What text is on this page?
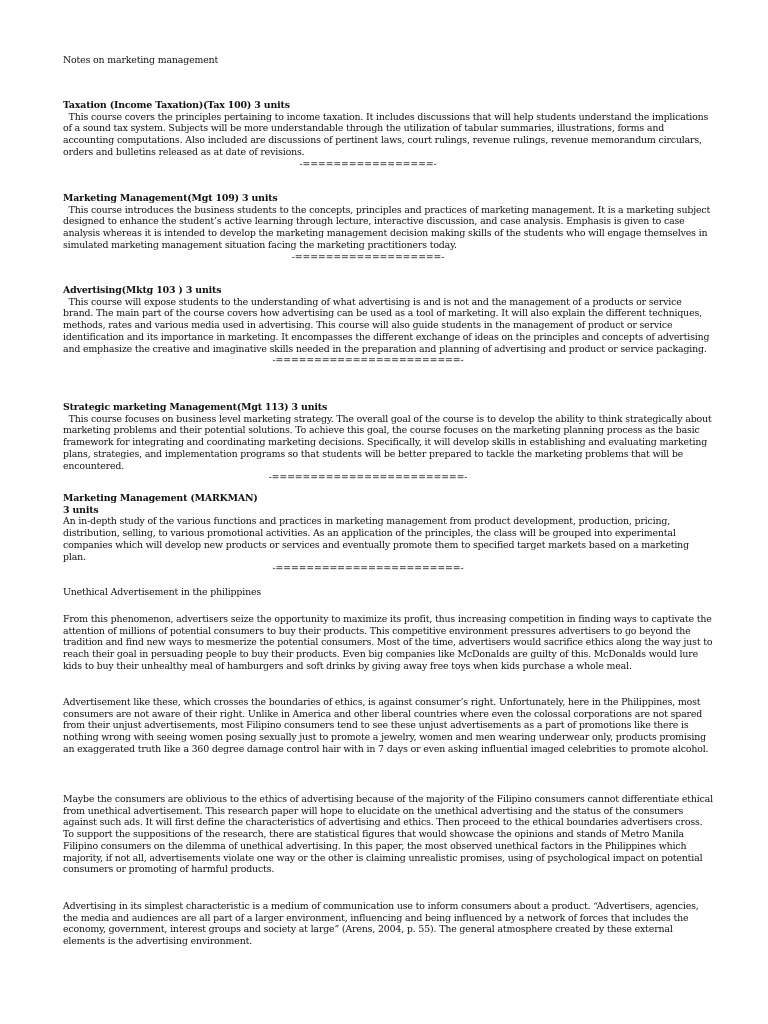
Notes on marketing management
Taxation (Income Taxation)(Tax 100) 3 units

This course covers the principles pertaining to income taxation. It includes discussions that will help students understand the implications of a sound tax system. Subjects will be more understandable through the utilization of tabular summaries, illustrations, forms and accounting computations. Also included are discussions of pertinent laws, court rulings, revenue rulings, revenue memorandum circulars, orders and bulletins released as at date of revisions.

-=================-

Marketing Management(Mgt 109) 3 units

This course introduces the business students to the concepts, principles and practices of marketing management. It is a marketing subject designed to enhance the student’s active learning through lecture, interactive discussion, and case analysis. Emphasis is given to case analysis whereas it is intended to develop the marketing management decision making skills of the students who will engage themselves in simulated marketing management situation facing the marketing practitioners today.

-===================-

Advertising(Mktg 103 ) 3 units

This course will expose students to the understanding of what advertising is and is not and the management of a products or service brand. The main part of the course covers how advertising can be used as a tool of marketing. It will also explain the different techniques, methods, rates and various media used in advertising. This course will also guide students in the management of product or service identification and its importance in marketing. It encompasses the different exchange of ideas on the principles and concepts of advertising and emphasize the creative and imaginative skills needed in the preparation and planning of advertising and product or service packaging.

-========================-

Strategic marketing Management(Mgt 113) 3 units

This course focuses on business level marketing strategy. The overall goal of the course is to develop the ability to think strategically about marketing problems and their potential solutions. To achieve this goal, the course focuses on the marketing planning process as the basic framework for integrating and coordinating marketing decisions. Specifically, it will develop skills in establishing and evaluating marketing plans, strategies, and implementation programs so that students will be better prepared to tackle the marketing problems that will be encountered.

-=========================-

Marketing Management (MARKMAN)
3 units

An in-depth study of the various functions and practices in marketing management from product development, production, pricing, distribution, selling, to various promotional activities. As an application of the principles, the class will be grouped into experimental companies which will develop new products or services and eventually promote them to specified target markets based on a marketing plan.

-========================-

Unethical Advertisement in the philippines

From this phenomenon, advertisers seize the opportunity to maximize its profit, thus increasing competition in finding ways to captivate the attention of millions of potential consumers to buy their products. This competitive environment pressures advertisers to go beyond the tradition and find new ways to mesmerize the potential consumers. Most of the time, advertisers would sacrifice ethics along the way just to reach their goal in persuading people to buy their products. Even big companies like McDonalds are guilty of this. McDonalds would lure kids to buy their unhealthy meal of hamburgers and soft drinks by giving away free toys when kids purchase a whole meal.

Advertisement like these, which crosses the boundaries of ethics, is against consumer’s right. Unfortunately, here in the Philippines, most consumers are not aware of their right. Unlike in America and other liberal countries where even the colossal corporations are not spared from their unjust advertisements, most Filipino consumers tend to see these unjust advertisements as a part of promotions like there is nothing wrong with seeing women posing sexually just to promote a jewelry, women and men wearing underwear only, products promising an exaggerated truth like a 360 degree damage control hair with in 7 days or even asking influential imaged celebrities to promote alcohol.

Maybe the consumers are oblivious to the ethics of advertising because of the majority of the Filipino consumers cannot differentiate ethical from unethical advertisement. This research paper will hope to elucidate on the unethical advertising and the status of the consumers against such ads. It will first define the characteristics of advertising and ethics. Then proceed to the ethical boundaries advertisers cross. To support the suppositions of the research, there are statistical figures that would showcase the opinions and stands of Metro Manila Filipino consumers on the dilemma of unethical advertising. In this paper, the most observed unethical factors in the Philippines which majority, if not all, advertisements violate one way or the other is claiming unrealistic promises, using of psychological impact on potential consumers or promoting of harmful products.

Advertising in its simplest characteristic is a medium of communication use to inform consumers about a product. “Advertisers, agencies, the media and audiences are all part of a larger environment, influencing and being influenced by a network of forces that includes the economy, government, interest groups and society at large” (Arens, 2004, p. 55). The general atmosphere created by these external elements is the advertising environment.
